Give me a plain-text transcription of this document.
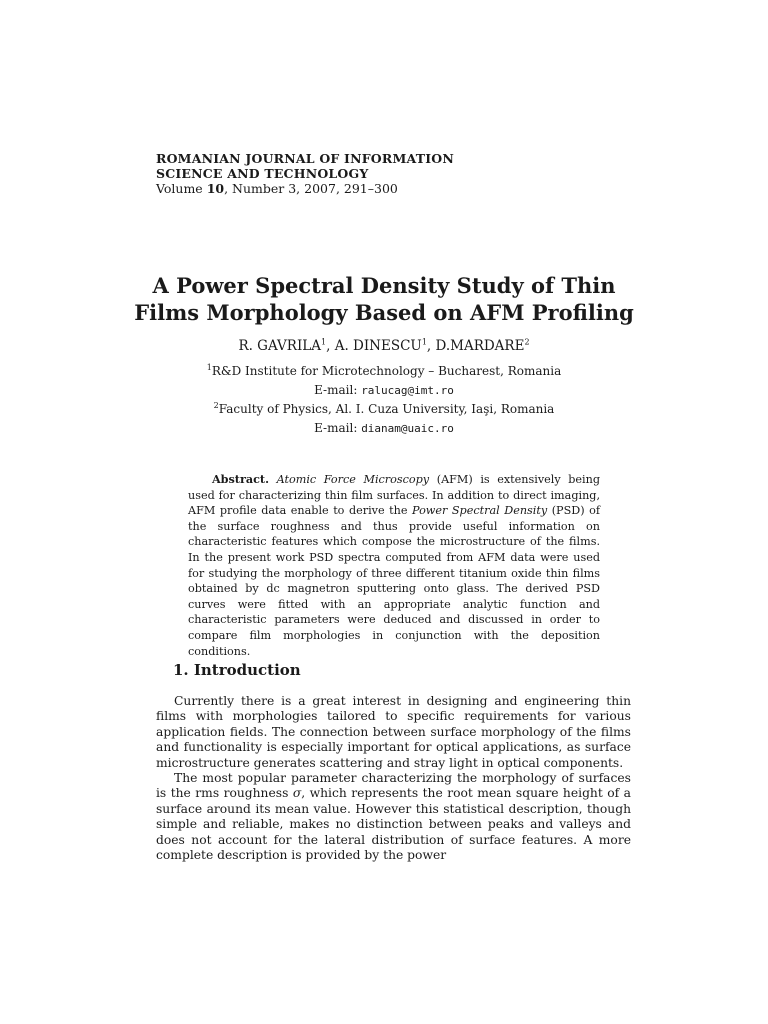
ROMANIAN JOURNAL OF INFORMATION
SCIENCE AND TECHNOLOGY
Volume 10, Number 3, 2007, 291–300
A Power Spectral Density Study of Thin
Films Morphology Based on AFM Profiling
R. GAVRILA$^1$, A. DINESCU$^1$, D.MARDARE$^2$
$^1$R&D Institute for Microtechnology – Bucharest, Romania
E-mail: ralucag@imt.ro
$^2$Faculty of Physics, Al. I. Cuza University, Iaşi, Romania
E-mail: dianam@uaic.ro
Abstract. Atomic Force Microscopy (AFM) is extensively being used for characterizing thin film surfaces. In addition to direct imaging, AFM profile data enable to derive the Power Spectral Density (PSD) of the surface roughness and thus provide useful information on characteristic features which compose the microstructure of the films. In the present work PSD spectra computed from AFM data were used for studying the morphology of three different titanium oxide thin films obtained by dc magnetron sputtering onto glass. The derived PSD curves were fitted with an appropriate analytic function and characteristic parameters were deduced and discussed in order to compare film morphologies in conjunction with the deposition conditions.
1. Introduction

Currently there is a great interest in designing and engineering thin films with morphologies tailored to specific requirements for various application fields. The connection between surface morphology of the films and functionality is especially important for optical applications, as surface microstructure generates scattering and stray light in optical components.

The most popular parameter characterizing the morphology of surfaces is the rms roughness σ, which represents the root mean square height of a surface around its mean value. However this statistical description, though simple and reliable, makes no distinction between peaks and valleys and does not account for the lateral distribution of surface features. A more complete description is provided by the power
